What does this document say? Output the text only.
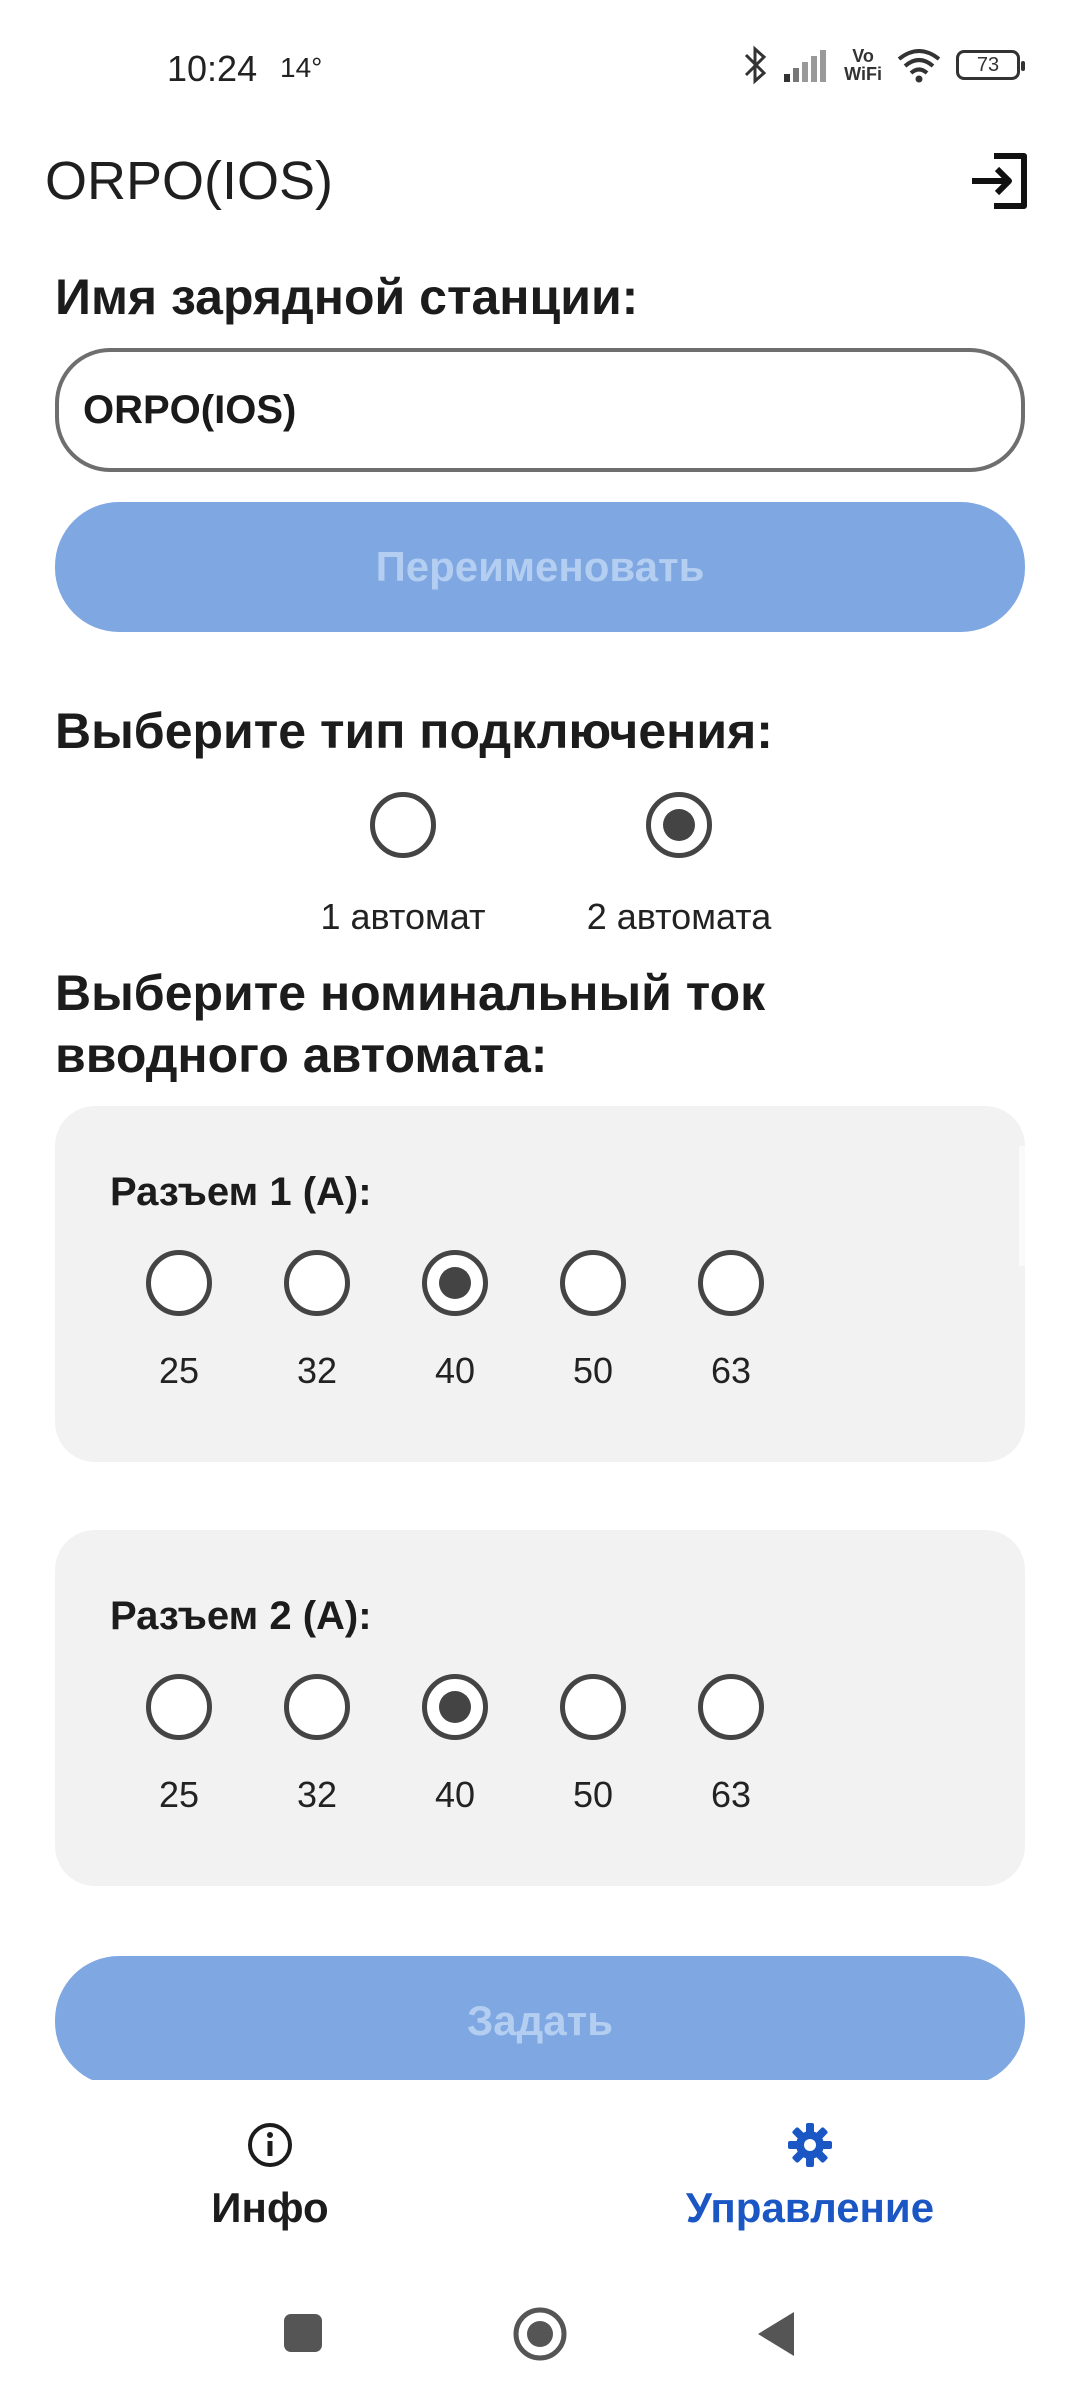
10:24 14°	Vo
WiFi	73
ORPO(IOS)
Имя зарядной станции:
ORPO(IOS)
Переименовать
Выберите тип подключения:
1 автомат	2 автомата
Выберите номинальный ток
вводного автомата:
Разъем 1 (А):
25	32	40	50	63
Разъем 2 (А):
25	32	40	50	63
Задать
Инфо	Управление
